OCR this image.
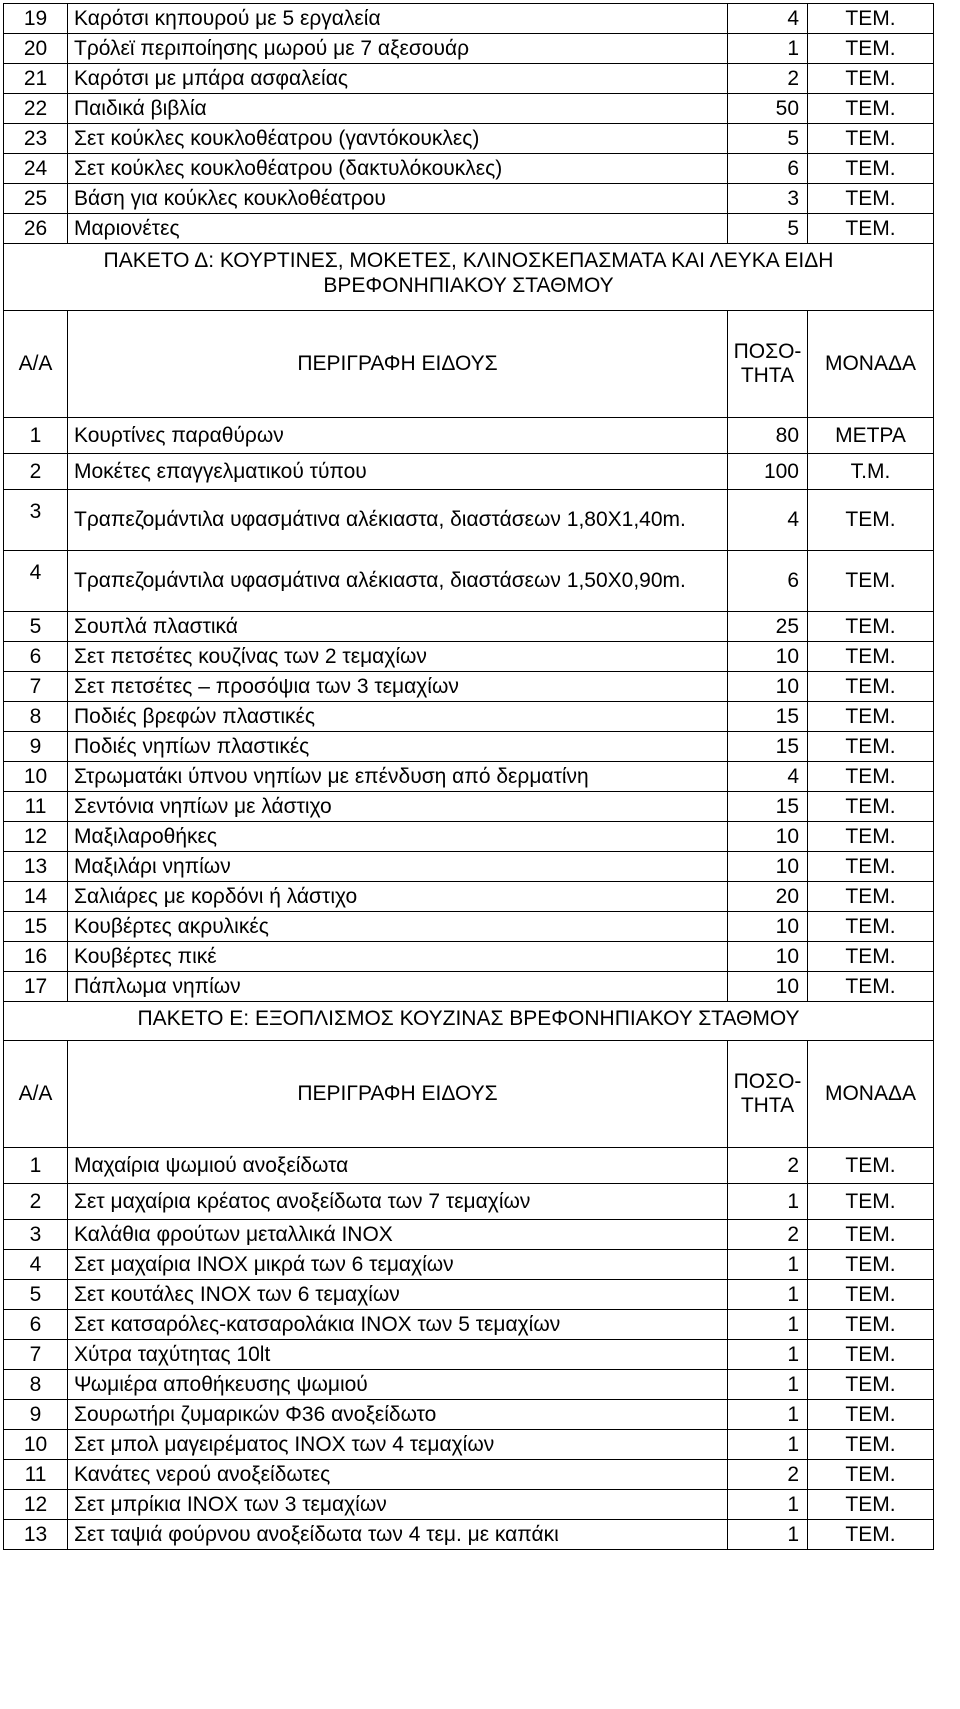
19	Καρότσι κηπουρού με 5 εργαλεία	4	ΤΕΜ.
20	Τρόλεϊ περιποίησης μωρού με 7 αξεσουάρ	1	ΤΕΜ.
21	Καρότσι με μπάρα ασφαλείας	2	ΤΕΜ.
22	Παιδικά βιβλία	50	ΤΕΜ.
23	Σετ κούκλες κουκλοθέατρου (γαντόκουκλες)	5	ΤΕΜ.
24	Σετ κούκλες κουκλοθέατρου (δακτυλόκουκλες)	6	ΤΕΜ.
25	Βάση για κούκλες κουκλοθέατρου	3	ΤΕΜ.
26	Μαριονέτες	5	ΤΕΜ.
ΠΑΚΕΤΟ Δ: ΚΟΥΡΤΙΝΕΣ, ΜΟΚΕΤΕΣ, ΚΛΙΝΟΣΚΕΠΑΣΜΑΤΑ ΚΑΙ ΛΕΥΚΑ ΕΙΔΗ ΒΡΕΦΟΝΗΠΙΑΚΟΥ ΣΤΑΘΜΟΥ			
Α/Α	ΠΕΡΙΓΡΑΦΗ ΕΙΔΟΥΣ	ΠΟΣΟ-ΤΗΤΑ	ΜΟΝΑΔΑ
1	Κουρτίνες παραθύρων	80	ΜΕΤΡΑ
2	Μοκέτες επαγγελματικού τύπου	100	Τ.Μ.
3	Τραπεζομάντιλα υφασμάτινα αλέκιαστα, διαστάσεων 1,80Χ1,40m.	4	ΤΕΜ.
4	Τραπεζομάντιλα υφασμάτινα αλέκιαστα, διαστάσεων 1,50Χ0,90m.	6	ΤΕΜ.
5	Σουπλά πλαστικά	25	ΤΕΜ.
6	Σετ πετσέτες κουζίνας των 2 τεμαχίων	10	ΤΕΜ.
7	Σετ πετσέτες – προσόψια των 3 τεμαχίων	10	ΤΕΜ.
8	Ποδιές βρεφών πλαστικές	15	ΤΕΜ.
9	Ποδιές νηπίων πλαστικές	15	ΤΕΜ.
10	Στρωματάκι ύπνου νηπίων με επένδυση από δερματίνη	4	ΤΕΜ.
11	Σεντόνια νηπίων με λάστιχο	15	ΤΕΜ.
12	Μαξιλαροθήκες	10	ΤΕΜ.
13	Μαξιλάρι νηπίων	10	ΤΕΜ.
14	Σαλιάρες με κορδόνι ή λάστιχο	20	ΤΕΜ.
15	Κουβέρτες ακρυλικές	10	ΤΕΜ.
16	Κουβέρτες πικέ	10	ΤΕΜ.
17	Πάπλωμα νηπίων	10	ΤΕΜ.
ΠΑΚΕΤΟ Ε: ΕΞΟΠΛΙΣΜΟΣ ΚΟΥΖΙΝΑΣ ΒΡΕΦΟΝΗΠΙΑΚΟΥ ΣΤΑΘΜΟΥ			
Α/Α	ΠΕΡΙΓΡΑΦΗ ΕΙΔΟΥΣ	ΠΟΣΟ-ΤΗΤΑ	ΜΟΝΑΔΑ
1	Μαχαίρια ψωμιού ανοξείδωτα	2	ΤΕΜ.
2	Σετ μαχαίρια κρέατος ανοξείδωτα των 7 τεμαχίων	1	ΤΕΜ.
3	Καλάθια φρούτων μεταλλικά INOX	2	ΤΕΜ.
4	Σετ μαχαίρια INOX μικρά των 6 τεμαχίων	1	ΤΕΜ.
5	Σετ κουτάλες INOX των 6 τεμαχίων	1	ΤΕΜ.
6	Σετ κατσαρόλες-κατσαρολάκια INOX των 5 τεμαχίων	1	ΤΕΜ.
7	Χύτρα ταχύτητας 10lt	1	ΤΕΜ.
8	Ψωμιέρα αποθήκευσης ψωμιού	1	ΤΕΜ.
9	Σουρωτήρι ζυμαρικών Φ36 ανοξείδωτο	1	ΤΕΜ.
10	Σετ μπολ μαγειρέματος INOX των 4 τεμαχίων	1	ΤΕΜ.
11	Κανάτες νερού ανοξείδωτες	2	ΤΕΜ.
12	Σετ μπρίκια INOX των 3 τεμαχίων	1	ΤΕΜ.
13	Σετ ταψιά φούρνου ανοξείδωτα των 4 τεμ. με καπάκι	1	ΤΕΜ.
